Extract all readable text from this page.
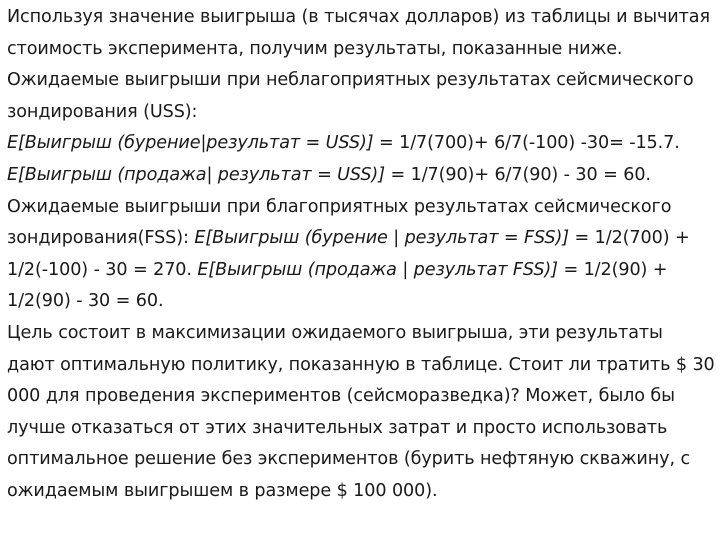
Используя значение выигрыша (в тысячах долларов) из таблицы и вычитая
стоимость эксперимента, получим результаты, показанные ниже.
Ожидаемые выигрыши при неблагоприятных результатах сейсмического
зондирования (USS):
E[Выигрыш (бурение|результат = USS)] = 1/7(700)+ 6/7(-100) -30= -15.7.
E[Выигрыш (продажа| результат = USS)] = 1/7(90)+ 6/7(90) - 30 = 60.
Ожидаемые выигрыши при благоприятных результатах сейсмического
зондирования(FSS): E[Выигрыш (бурение | результат = FSS)] = 1/2(700) +
1/2(-100) - 30 = 270. E[Выигрыш (продажа | результат FSS)] = 1/2(90) +
1/2(90) - 30 = 60.
Цель состоит в максимизации ожидаемого выигрыша, эти результаты
дают оптимальную политику, показанную в таблице. Стоит ли тратить $ 30
000 для проведения экспериментов (сейсморазведка)? Может, было бы
лучше отказаться от этих значительных затрат и просто использовать
оптимальное решение без экспериментов (бурить нефтяную скважину, с
ожидаемым выигрышем в размере $ 100 000).
